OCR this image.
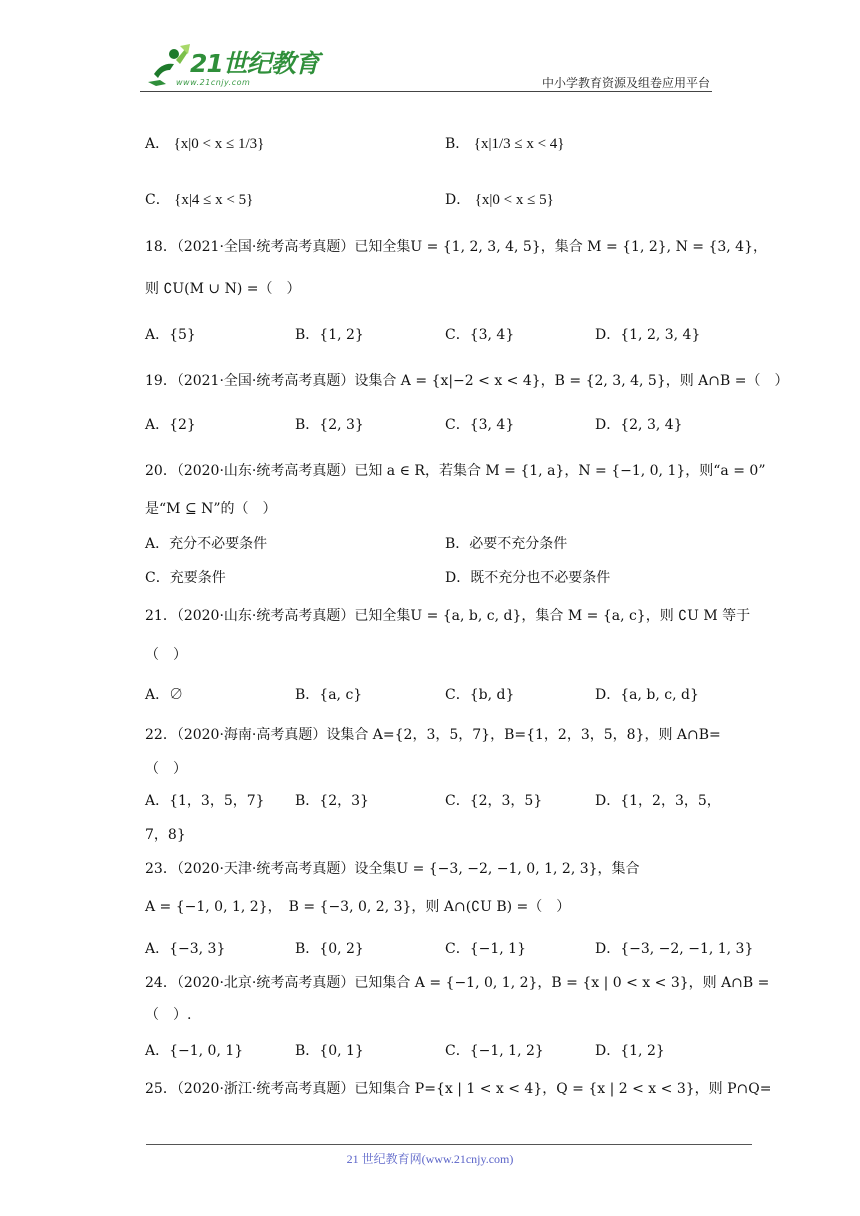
21世纪教育
www.21cnjy.com	中小学教育资源及组卷应用平台
A． {x|0 < x ≤ 1/3}	B． {x|1/3 ≤ x < 4}
C． {x|4 ≤ x < 5}	D． {x|0 < x ≤ 5}
18．（2021·全国·统考高考真题）已知全集U = {1, 2, 3, 4, 5}，集合 M = {1, 2}, N = {3, 4}，
则 ∁U(M ∪ N) =（　）
A．{5}	B．{1, 2}	C．{3, 4}	D．{1, 2, 3, 4}
19．（2021·全国·统考高考真题）设集合 A = {x|−2 < x < 4}，B = {2, 3, 4, 5}，则 A∩B =（　）
A．{2}	B．{2, 3}	C．{3, 4}	D．{2, 3, 4}
20．（2020·山东·统考高考真题）已知 a ∈ R，若集合 M = {1, a}，N = {−1, 0, 1}，则“a = 0”
是“M ⊆ N”的（　）
A．充分不必要条件	B．必要不充分条件
C．充要条件	D．既不充分也不必要条件
21．（2020·山东·统考高考真题）已知全集U = {a, b, c, d}，集合 M = {a, c}，则 ∁U M 等于
（　）
A．∅	B．{a, c}	C．{b, d}	D．{a, b, c, d}
22．（2020·海南·高考真题）设集合 A={2，3，5，7}，B={1，2，3，5，8}，则 A∩B=
（　）
A．{1，3，5，7} B．{2，3}	C．{2，3，5}	D．{1，2，3，5，
7，8}
23．（2020·天津·统考高考真题）设全集U = {−3, −2, −1, 0, 1, 2, 3}，集合
A = {−1, 0, 1, 2}，　B = {−3, 0, 2, 3}，则 A∩(∁U B) =（　）
A．{−3, 3}	B．{0, 2}	C．{−1, 1}	D．{−3, −2, −1, 1, 3}
24．（2020·北京·统考高考真题）已知集合 A = {−1, 0, 1, 2}，B = {x | 0 < x < 3}，则 A∩B =
（　）.
A．{−1, 0, 1}	B．{0, 1}	C．{−1, 1, 2}	D．{1, 2}
25．（2020·浙江·统考高考真题）已知集合 P={x | 1 < x < 4}，Q = {x | 2 < x < 3}，则 P∩Q=
21 世纪教育网(www.21cnjy.com)
